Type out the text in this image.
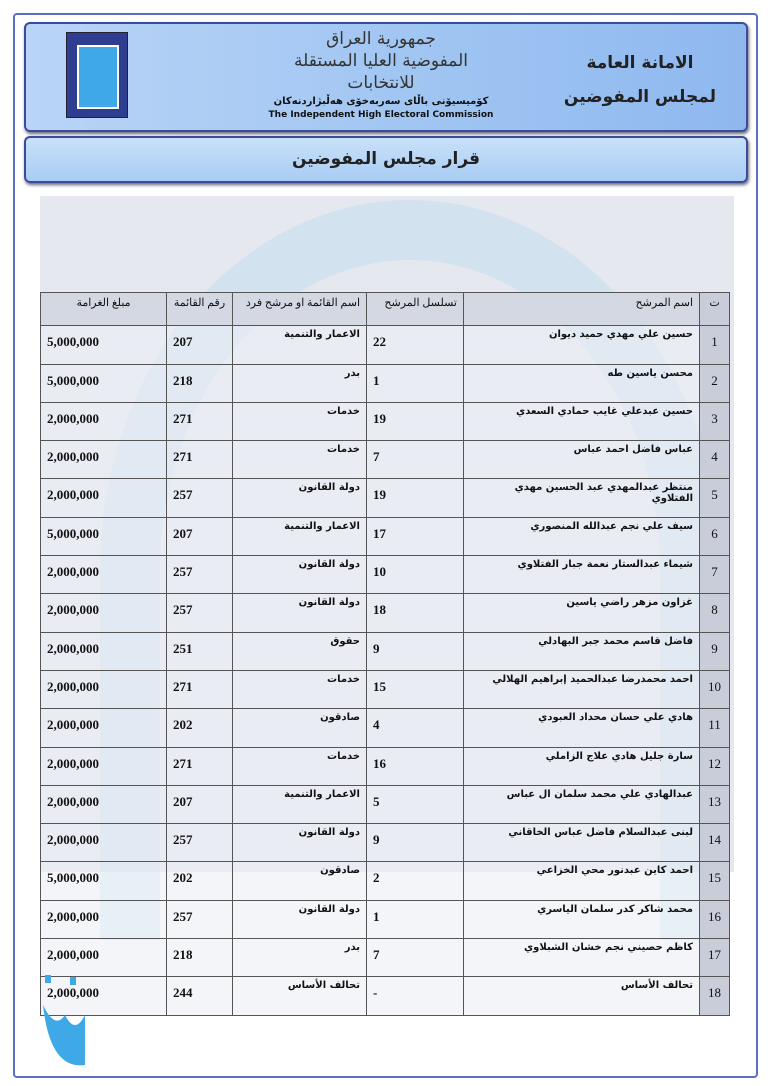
جمهورية العراق
المفوضية العليا المستقلة للانتخابات
كۆمیسیۆنی باڵای سەربەخۆی هەڵبژاردنەکان
The Independent High Electoral Commission
الامانة العامة
لمجلس المفوضين
قرار مجلس المفوضين
ت	اسم المرشح	تسلسل المرشح	اسم القائمة او مرشح فرد	رقم القائمة	مبلغ الغرامة
1	حسين علي مهدي حميد ديوان	22	الاعمار والتنمية	207	5,000,000
2	محسن ياسين طه	1	بدر	218	5,000,000
3	حسين عبدعلي غايب حمادي السعدي	19	خدمات	271	2,000,000
4	عباس فاضل احمد عباس	7	خدمات	271	2,000,000
5	منتظر عبدالمهدي عبد الحسين مهدي الفتلاوي	19	دولة القانون	257	2,000,000
6	سيف علي نجم عبدالله المنصوري	17	الاعمار والتنمية	207	5,000,000
7	شيماء عبدالستار نعمة جبار الفتلاوي	10	دولة القانون	257	2,000,000
8	غزاون مزهر راضي ياسين	18	دولة القانون	257	2,000,000
9	فاضل قاسم محمد جبر البهادلي	9	حقوق	251	2,000,000
10	احمد محمدرضا عبدالحميد إبراهيم الهلالي	15	خدمات	271	2,000,000
11	هادي علي حسان محداد العبودي	4	صادقون	202	2,000,000
12	سارة جليل هادي علاج الزاملي	16	خدمات	271	2,000,000
13	عبدالهادي علي محمد سلمان ال عباس	5	الاعمار والتنمية	207	2,000,000
14	لبنى عبدالسلام فاضل عباس الخاقاني	9	دولة القانون	257	2,000,000
15	احمد كاين عبدنور محي الخزاعي	2	صادقون	202	5,000,000
16	محمد شاكر كدر سلمان الياسري	1	دولة القانون	257	2,000,000
17	كاظم حصيني نجم خشان الشبلاوي	7	بدر	218	2,000,000
18	تحالف الأساس	-	تحالف الأساس	244	2,000,000
